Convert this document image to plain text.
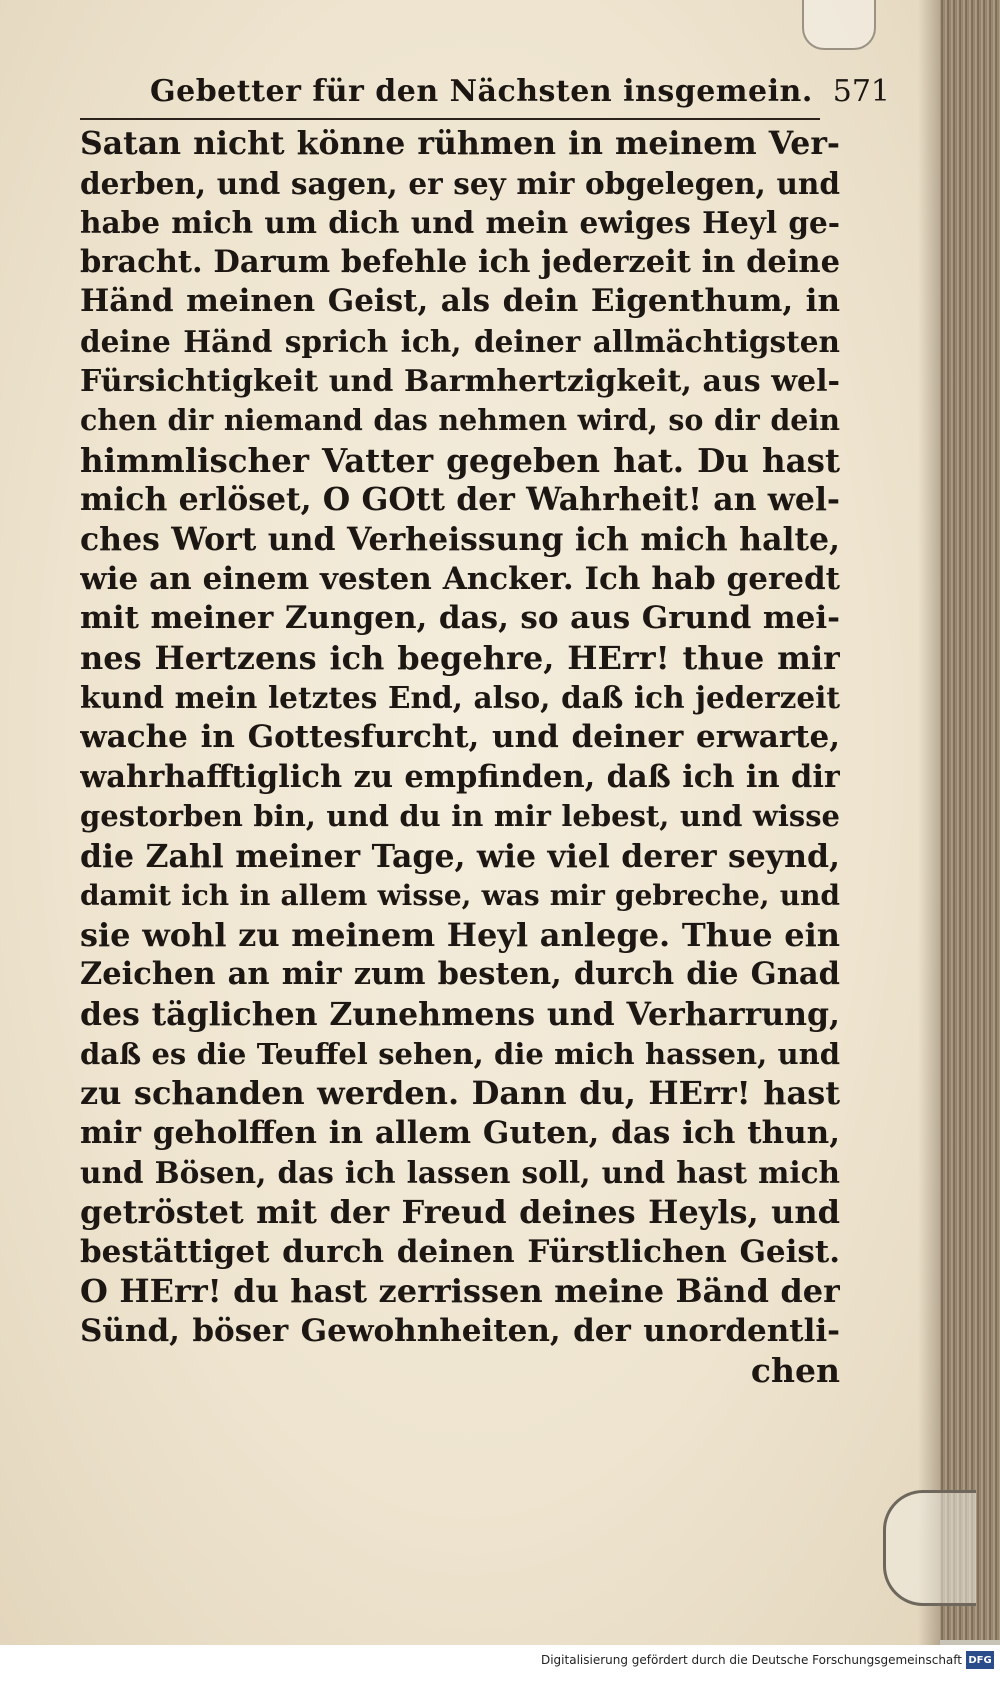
Gebetter für den Nächsten insgemein. 571
Satan nicht könne rühmen in meinem Ver-
derben, und sagen, er sey mir obgelegen, und
habe mich um dich und mein ewiges Heyl ge-
bracht. Darum befehle ich jederzeit in deine
Händ meinen Geist, als dein Eigenthum, in
deine Händ sprich ich, deiner allmächtigsten
Fürsichtigkeit und Barmhertzigkeit, aus wel-
chen dir niemand das nehmen wird, so dir dein
himmlischer Vatter gegeben hat. Du hast
mich erlöset, O GOtt der Wahrheit! an wel-
ches Wort und Verheissung ich mich halte,
wie an einem vesten Ancker. Ich hab geredt
mit meiner Zungen, das, so aus Grund mei-
nes Hertzens ich begehre, HErr! thue mir
kund mein letztes End, also, daß ich jederzeit
wache in Gottesfurcht, und deiner erwarte,
wahrhafftiglich zu empfinden, daß ich in dir
gestorben bin, und du in mir lebest, und wisse
die Zahl meiner Tage, wie viel derer seynd,
damit ich in allem wisse, was mir gebreche, und
sie wohl zu meinem Heyl anlege. Thue ein
Zeichen an mir zum besten, durch die Gnad
des täglichen Zunehmens und Verharrung,
daß es die Teuffel sehen, die mich hassen, und
zu schanden werden. Dann du, HErr! hast
mir geholffen in allem Guten, das ich thun,
und Bösen, das ich lassen soll, und hast mich
getröstet mit der Freud deines Heyls, und
bestättiget durch deinen Fürstlichen Geist.
O HErr! du hast zerrissen meine Bänd der
Sünd, böser Gewohnheiten, der unordentli-
chen
Digitalisierung gefördert durch die Deutsche Forschungsgemeinschaft DFG
